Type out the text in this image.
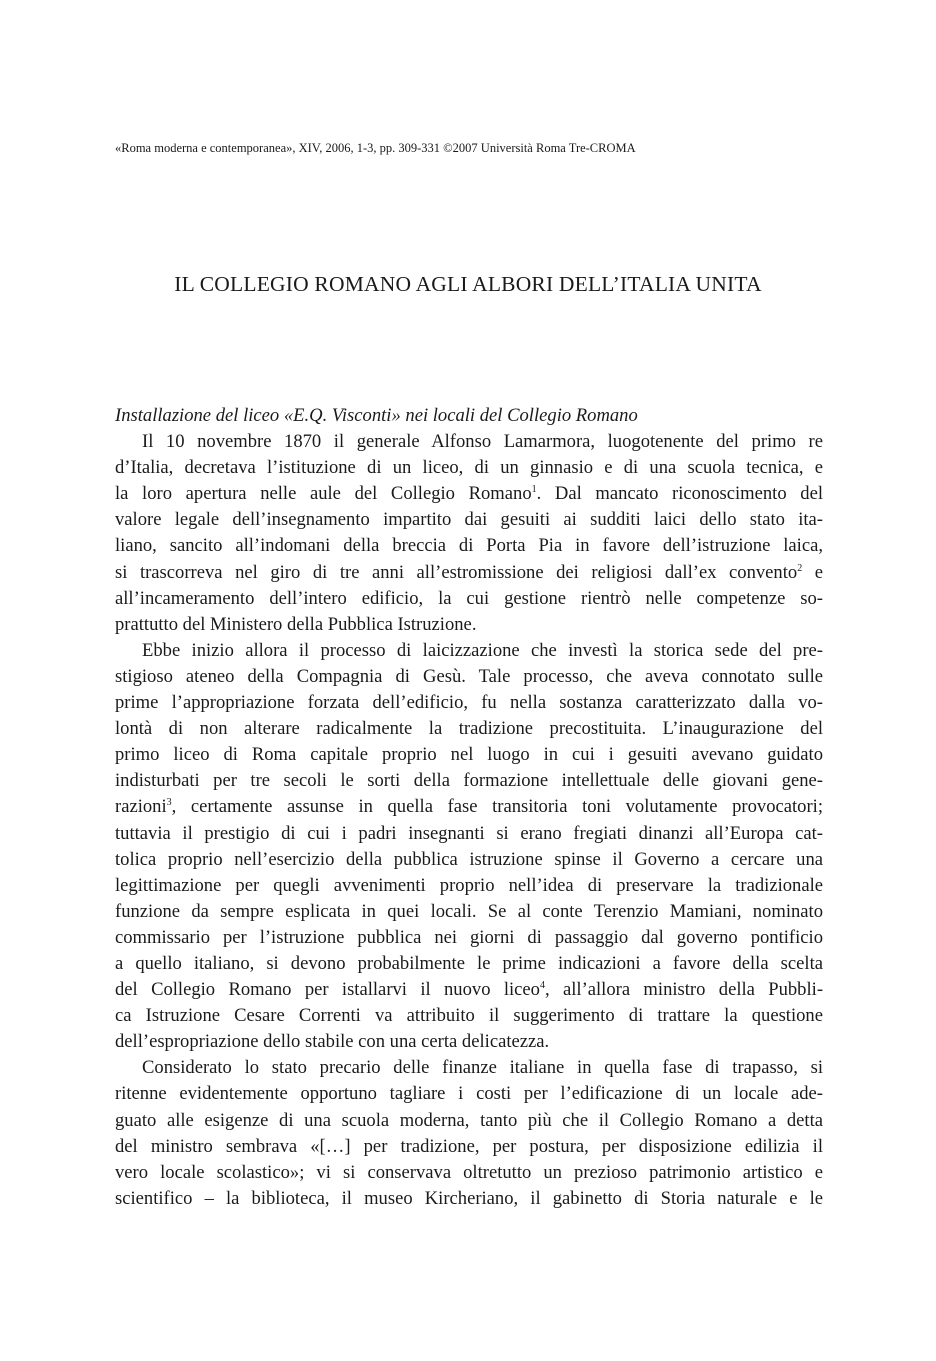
«Roma moderna e contemporanea», XIV, 2006, 1-3, pp. 309-331 ©2007 Università Roma Tre-CROMA
IL COLLEGIO ROMANO AGLI ALBORI DELL’ITALIA UNITA
Installazione del liceo «E.Q. Visconti» nei locali del Collegio Romano
Il 10 novembre 1870 il generale Alfonso Lamarmora, luogotenente del primo re
d’Italia, decretava l’istituzione di un liceo, di un ginnasio e di una scuola tecnica, e
la loro apertura nelle aule del Collegio Romano$^1$. Dal mancato riconoscimento del
valore legale dell’insegnamento impartito dai gesuiti ai sudditi laici dello stato ita-
liano, sancito all’indomani della breccia di Porta Pia in favore dell’istruzione laica,
si trascorreva nel giro di tre anni all’estromissione dei religiosi dall’ex convento$^2$ e
all’incameramento dell’intero edificio, la cui gestione rientrò nelle competenze so-
prattutto del Ministero della Pubblica Istruzione.
Ebbe inizio allora il processo di laicizzazione che investì la storica sede del pre-
stigioso ateneo della Compagnia di Gesù. Tale processo, che aveva connotato sulle
prime l’appropriazione forzata dell’edificio, fu nella sostanza caratterizzato dalla vo-
lontà di non alterare radicalmente la tradizione precostituita. L’inaugurazione del
primo liceo di Roma capitale proprio nel luogo in cui i gesuiti avevano guidato
indisturbati per tre secoli le sorti della formazione intellettuale delle giovani gene-
razioni$^3$, certamente assunse in quella fase transitoria toni volutamente provocatori;
tuttavia il prestigio di cui i padri insegnanti si erano fregiati dinanzi all’Europa cat-
tolica proprio nell’esercizio della pubblica istruzione spinse il Governo a cercare una
legittimazione per quegli avvenimenti proprio nell’idea di preservare la tradizionale
funzione da sempre esplicata in quei locali. Se al conte Terenzio Mamiani, nominato
commissario per l’istruzione pubblica nei giorni di passaggio dal governo pontificio
a quello italiano, si devono probabilmente le prime indicazioni a favore della scelta
del Collegio Romano per istallarvi il nuovo liceo$^4$, all’allora ministro della Pubbli-
ca Istruzione Cesare Correnti va attribuito il suggerimento di trattare la questione
dell’espropriazione dello stabile con una certa delicatezza.
Considerato lo stato precario delle finanze italiane in quella fase di trapasso, si
ritenne evidentemente opportuno tagliare i costi per l’edificazione di un locale ade-
guato alle esigenze di una scuola moderna, tanto più che il Collegio Romano a detta
del ministro sembrava «[…] per tradizione, per postura, per disposizione edilizia il
vero locale scolastico»; vi si conservava oltretutto un prezioso patrimonio artistico e
scientifico – la biblioteca, il museo Kircheriano, il gabinetto di Storia naturale e le
